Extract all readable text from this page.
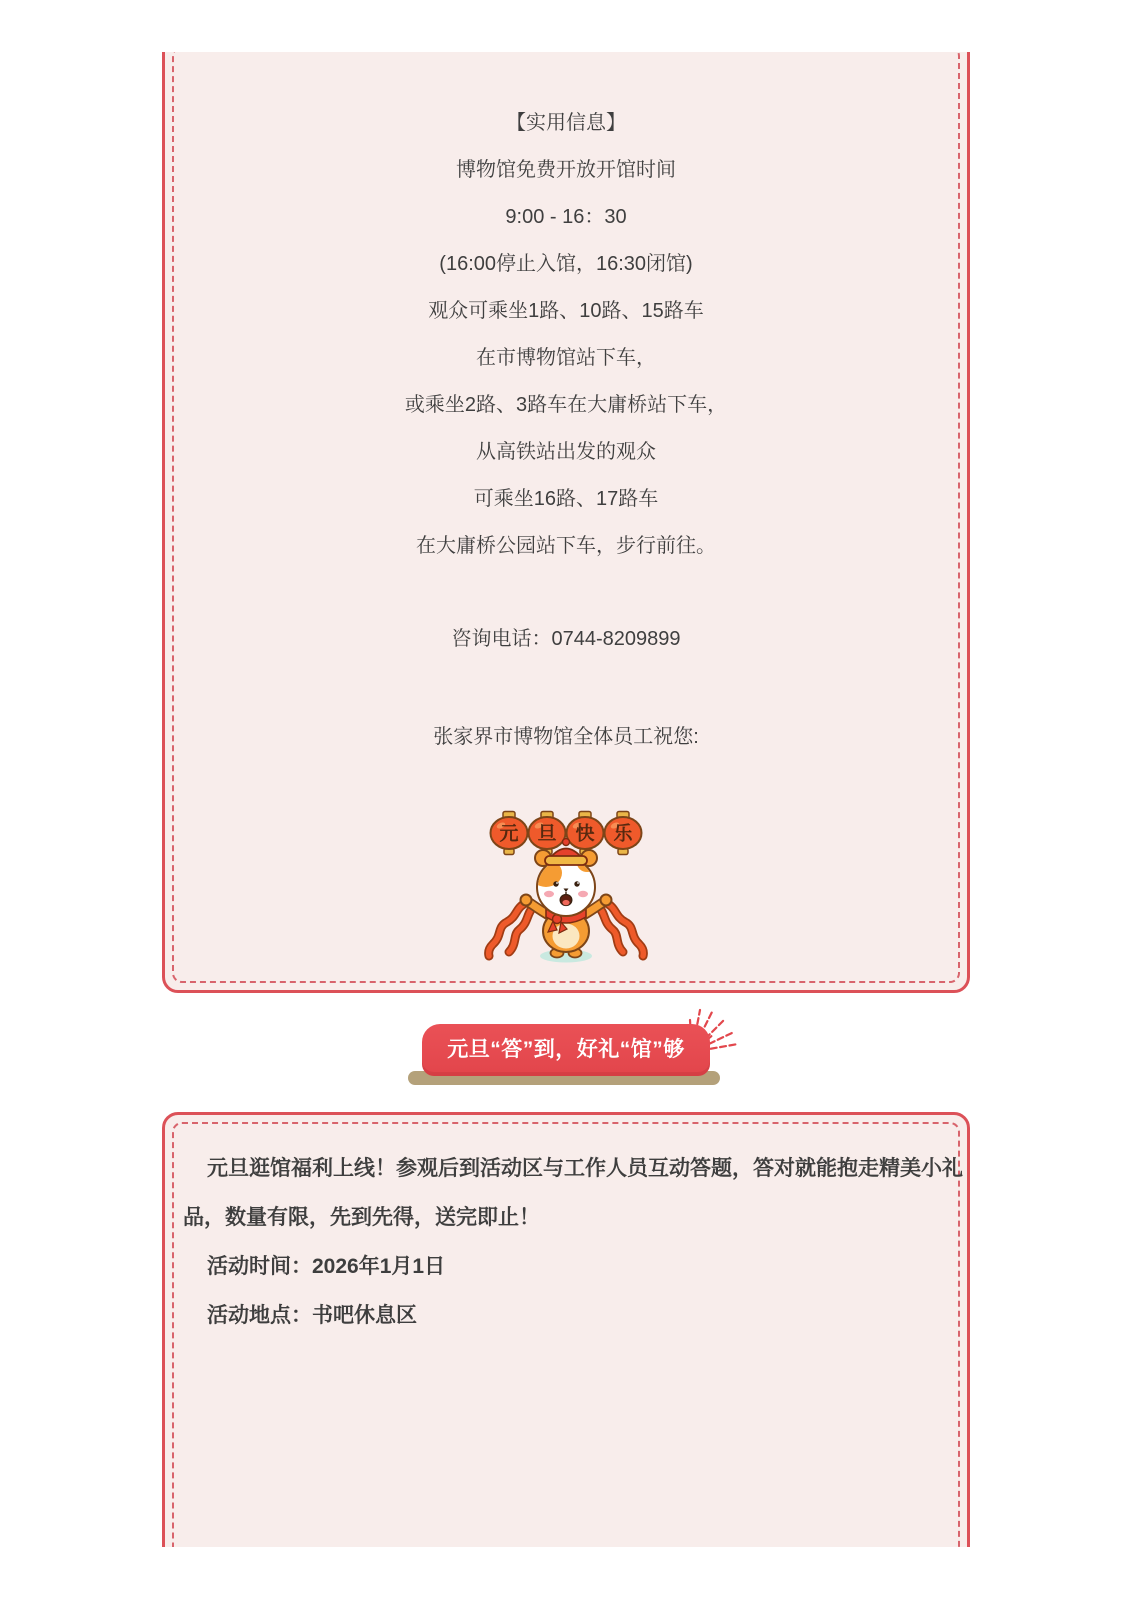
【实用信息】

博物馆免费开放开馆时间

9:00 - 16：30

(16:00停止入馆，16:30闭馆)

观众可乘坐1路、10路、15路车

在市博物馆站下车，

或乘坐2路、3路车在大庸桥站下车，

从高铁站出发的观众

可乘坐16路、17路车

在大庸桥公园站下车，步行前往。

咨询电话：0744-8209899

张家界市博物馆全体员工祝您:

元 旦 快 乐
元旦“答”到，好礼“馆”够

元旦逛馆福利上线！参观后到活动区与工作人员互动答题，答对就能抱走精美小礼

品，数量有限，先到先得，送完即止！

活动时间：2026年1月1日

活动地点：书吧休息区
